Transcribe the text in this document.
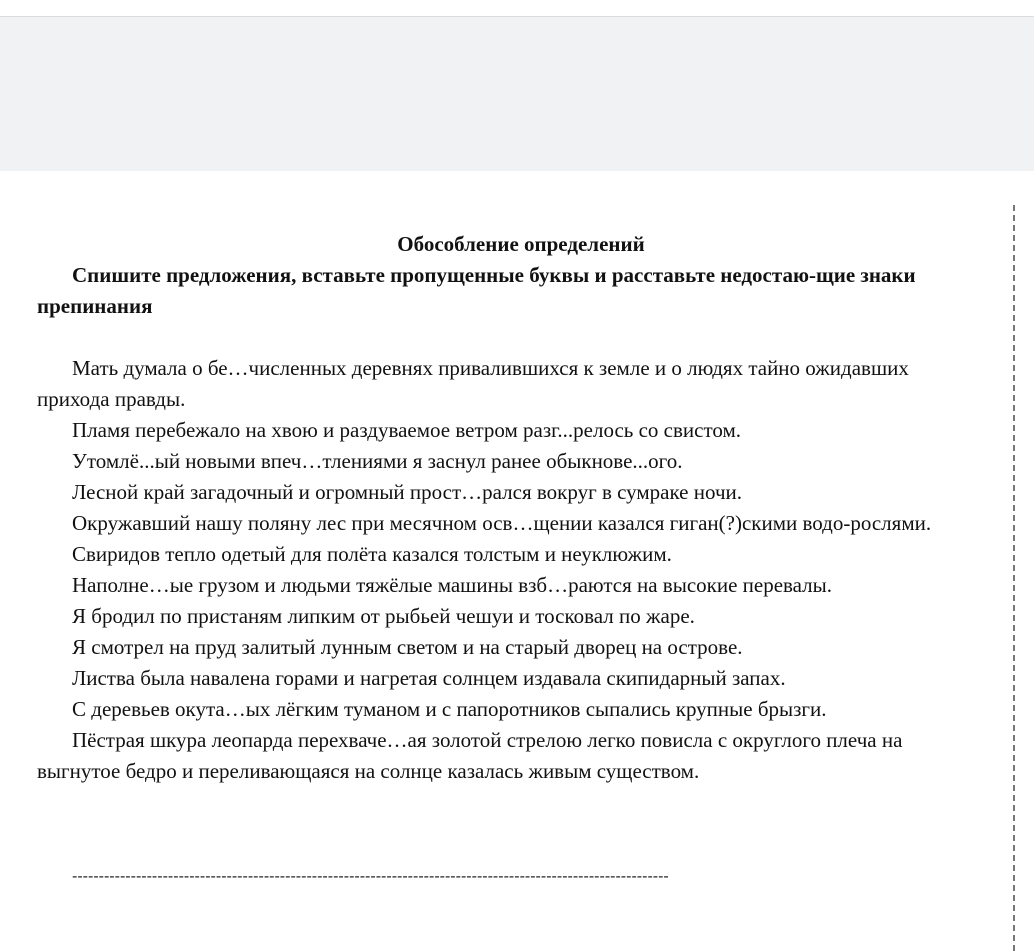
Обособление определений

Спишите предложения, вставьте пропущенные буквы и расставьте недостаю-щие знаки препинания

Мать думала о бе…численных деревнях привалившихся к земле и о людях тайно ожидавших прихода правды.

Пламя перебежало на хвою и раздуваемое ветром разг...релось со свистом.

Утомлё...ый новыми впеч…тлениями я заснул ранее обыкнове...ого.

Лесной край загадочный и огромный прост…рался вокруг в сумраке ночи.

Окружавший нашу поляну лес при месячном осв…щении казался гиган(?)скими водо-рослями.

Свиридов тепло одетый для полёта казался толстым и неуклюжим.

Наполне…ые грузом и людьми тяжёлые машины взб…раются на высокие перевалы.

Я бродил по пристаням липким от рыбьей чешуи и тосковал по жаре.

Я смотрел на пруд залитый лунным светом и на старый дворец на острове.

Листва была навалена горами и нагретая солнцем издавала скипидарный запах.

С деревьев окута…ых лёгким туманом и с папоротников сыпались крупные брызги.

Пёстрая шкура леопарда перехваче…ая золотой стрелою легко повисла с округлого плеча на выгнутое бедро и переливающаяся на солнце казалась живым существом.

----------------------------------------------------------------------------------------------------------------
